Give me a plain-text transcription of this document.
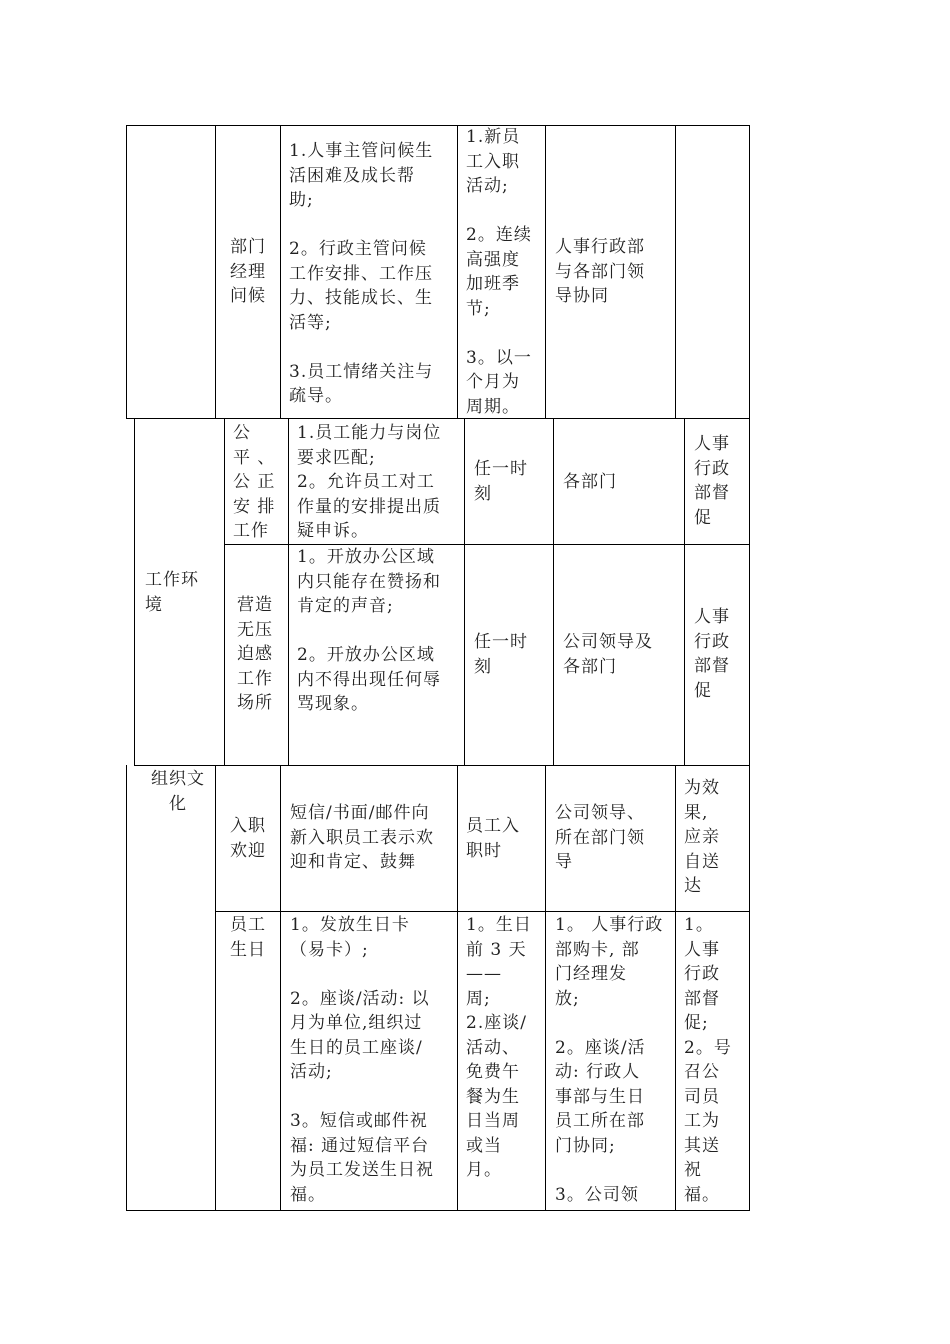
部门
经理
问候
1.人事主管问候生
活困难及成长帮
助;

2。行政主管问候
工作安排、工作压
力、技能成长、生
活等;

3.员工情绪关注与
疏导。
1.新员
工入职
活动;

2。连续
高强度
加班季
节;

3。以一
个月为
周期。
人事行政部
与各部门领
导协同
工作环
境
公
平 、
公 正
安 排
工作
1.员工能力与岗位
要求匹配;
2。允许员工对工
作量的安排提出质
疑申诉。
任一时
刻
各部门
人事
行政
部督
促
营造
无压
迫感
工作
场所
1。开放办公区域
内只能存在赞扬和
肯定的声音;

2。开放办公区域
内不得出现任何辱
骂现象。
任一时
刻
公司领导及
各部门
人事
行政
部督
促
组织文
化
入职
欢迎
短信/书面/邮件向
新入职员工表示欢
迎和肯定、鼓舞
员工入
职时
公司领导、
所在部门领
导
为效
果,
应亲
自送
达
员工
生日
1。发放生日卡
（易卡）;

2。座谈/活动: 以
月为单位,组织过
生日的员工座谈/
活动;

3。短信或邮件祝
福: 通过短信平台
为员工发送生日祝
福。
1。生日
前 3 天
——
周;
2.座谈/
活动、
免费午
餐为生
日当周
或当
月。
1。 人事行政
部购卡, 部
门经理发
放;

2。座谈/活
动: 行政人
事部与生日
员工所在部
门协同;

3。公司领
1。
人事
行政
部督
促;
2。号
召公
司员
工为
其送
祝
福。
